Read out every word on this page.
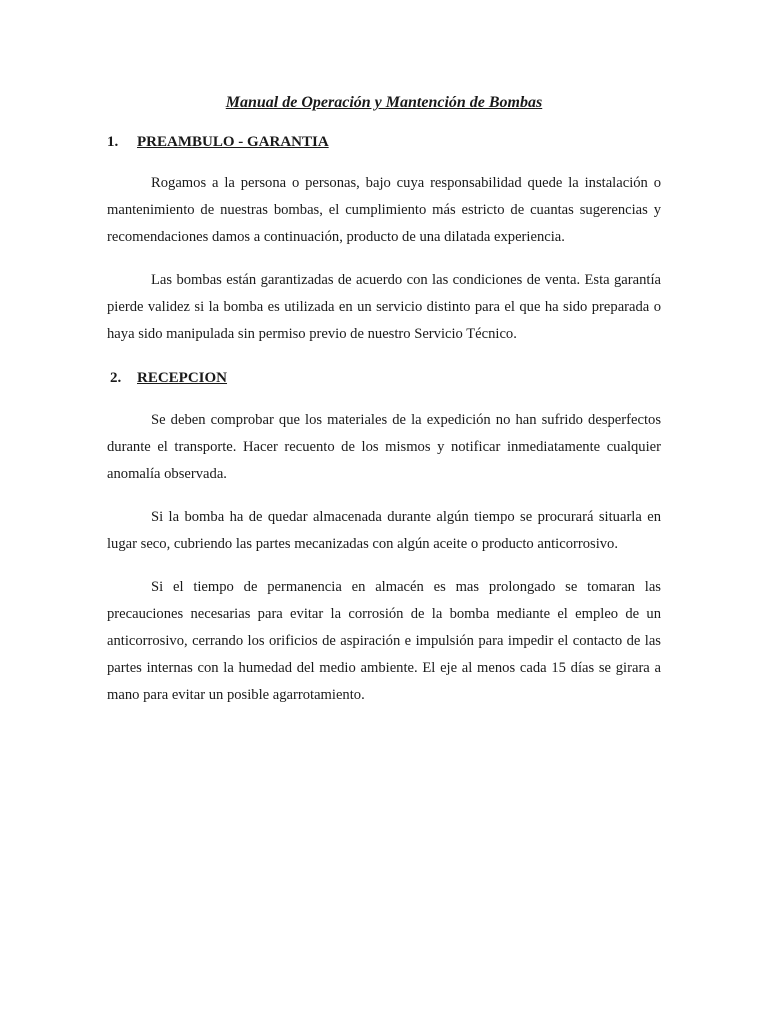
Manual de Operación y Mantención de Bombas
1.	PREAMBULO - GARANTIA

Rogamos a la persona o personas, bajo cuya responsabilidad quede la instalación o mantenimiento de nuestras bombas, el cumplimiento más estricto de cuantas sugerencias y recomendaciones damos a continuación, producto de una dilatada experiencia.

Las bombas están garantizadas de acuerdo con las condiciones de venta. Esta garantía pierde validez si la bomba es utilizada en un servicio distinto para el que ha sido preparada o haya sido manipulada sin permiso previo de nuestro Servicio Técnico.

2.	RECEPCION

Se deben comprobar que los materiales de la expedición no han sufrido desperfectos durante el transporte. Hacer recuento de los mismos y notificar inmediatamente cualquier anomalía observada.

Si la bomba ha de quedar almacenada durante algún tiempo se procurará situarla en lugar seco, cubriendo las partes mecanizadas con algún aceite o producto anticorrosivo.

Si el tiempo de permanencia en almacén es mas prolongado se tomaran las precauciones necesarias para evitar la corrosión de la bomba mediante el empleo de un anticorrosivo, cerrando los orificios de aspiración e impulsión para impedir el contacto de las partes internas con la humedad del medio ambiente. El eje al menos cada 15 días se girara a mano para evitar un posible agarrotamiento.
